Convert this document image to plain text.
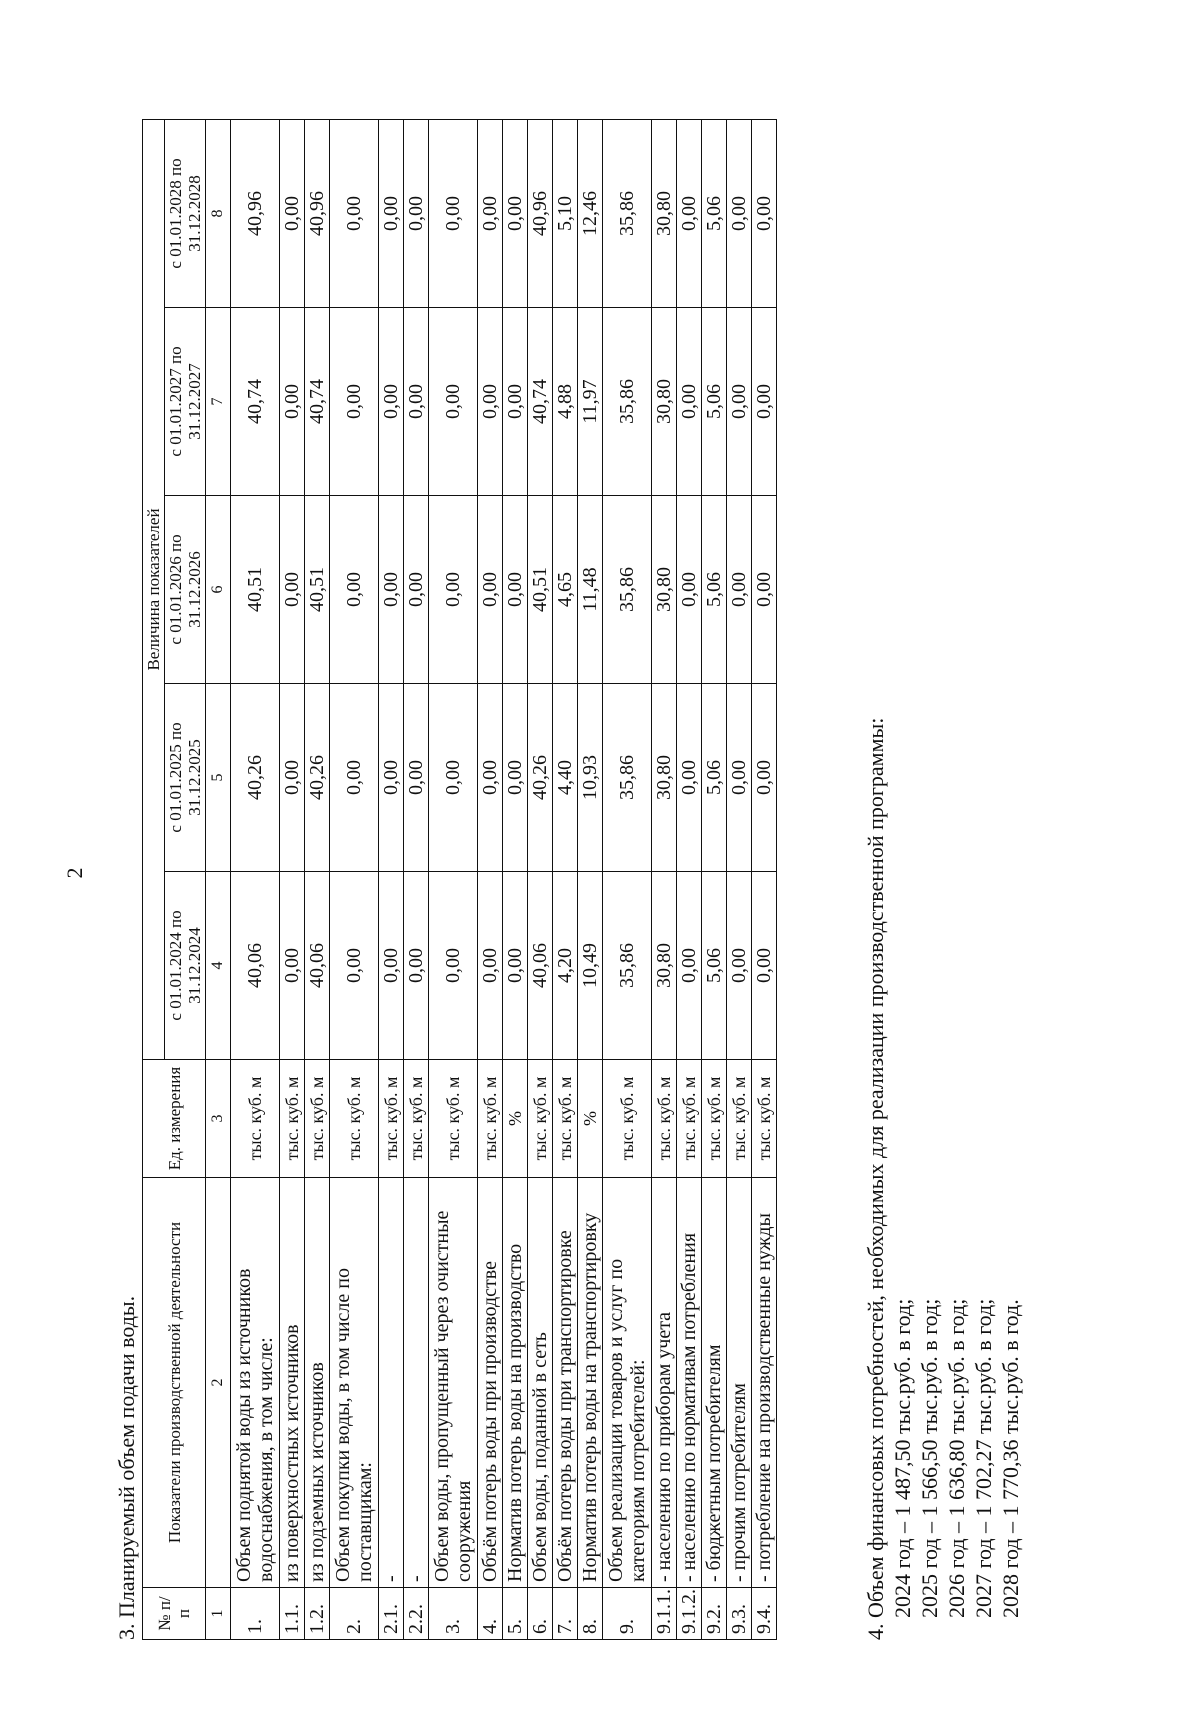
2
3. Планируемый объем подачи воды. № п/п	Показатели производственной деятельности	Ед. измерения	Величина показателей				
			с 01.01.2024 по 31.12.2024	с 01.01.2025 по 31.12.2025	с 01.01.2026 по 31.12.2026	с 01.01.2027 по 31.12.2027	с 01.01.2028 по 31.12.2028
1	2	3	4	5	6	7	8
1.	Объем поднятой воды из источников водоснабжения, в том числе:	тыс. куб. м	40,06	40,26	40,51	40,74	40,96
1.1.	из поверхностных источников	тыс. куб. м	0,00	0,00	0,00	0,00	0,00
1.2.	из подземных источников	тыс. куб. м	40,06	40,26	40,51	40,74	40,96
2.	Объем покупки воды, в том числе по поставщикам:	тыс. куб. м	0,00	0,00	0,00	0,00	0,00
2.1.	-	тыс. куб. м	0,00	0,00	0,00	0,00	0,00
2.2.	-	тыс. куб. м	0,00	0,00	0,00	0,00	0,00
3.	Объем воды, пропущенный через очистные сооружения	тыс. куб. м	0,00	0,00	0,00	0,00	0,00
4.	Объём потерь воды при производстве	тыс. куб. м	0,00	0,00	0,00	0,00	0,00
5.	Норматив потерь воды на производство	%	0,00	0,00	0,00	0,00	0,00
6.	Объем воды, поданной в сеть	тыс. куб. м	40,06	40,26	40,51	40,74	40,96
7.	Объём потерь воды при транспортировке	тыс. куб. м	4,20	4,40	4,65	4,88	5,10
8.	Норматив потерь воды на транспортировку	%	10,49	10,93	11,48	11,97	12,46
9.	Объем реализации товаров и услуг по категориям потребителей:	тыс. куб. м	35,86	35,86	35,86	35,86	35,86
9.1.1.	- населению по приборам учета	тыс. куб. м	30,80	30,80	30,80	30,80	30,80
9.1.2.	- населению по нормативам потребления	тыс. куб. м	0,00	0,00	0,00	0,00	0,00
9.2.	- бюджетным потребителям	тыс. куб. м	5,06	5,06	5,06	5,06	5,06
9.3.	- прочим потребителям	тыс. куб. м	0,00	0,00	0,00	0,00	0,00
9.4.	- потребление на производственные нужды	тыс. куб. м	0,00	0,00	0,00	0,00	0,00
4. Объем финансовых потребностей, необходимых для реализации производственной программы: 2024 год – 1 487,50 тыс.руб. в год; 2025 год – 1 566,50 тыс.руб. в год; 2026 год – 1 636,80 тыс.руб. в год; 2027 год – 1 702,27 тыс.руб. в год; 2028 год – 1 770,36 тыс.руб. в год.
